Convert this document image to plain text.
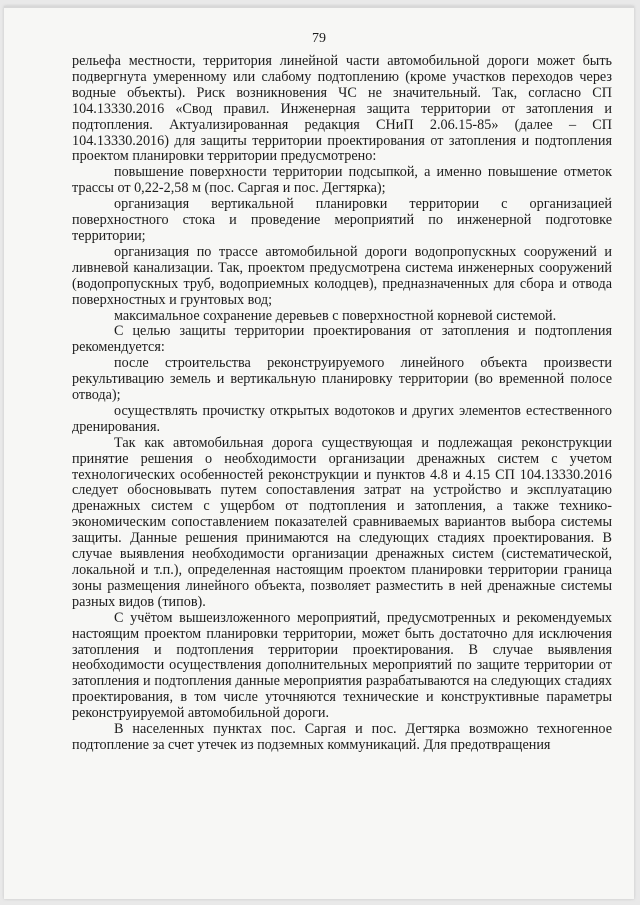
79

рельефа местности, территория линейной части автомобильной дороги может быть подвергнута умеренному или слабому подтоплению (кроме участков переходов через водные объекты). Риск возникновения ЧС не значительный. Так, согласно СП 104.13330.2016 «Свод правил. Инженерная защита территории от затопления и подтопления. Актуализированная редакция СНиП 2.06.15-85» (далее – СП 104.13330.2016) для защиты территории проектирования от затопления и подтопления проектом планировки территории предусмотрено:

повышение поверхности территории подсыпкой, а именно повышение отметок трассы от 0,22-2,58 м (пос. Саргая и пос. Дегтярка);

организация вертикальной планировки территории с организацией поверхностного стока и проведение мероприятий по инженерной подготовке территории;

организация по трассе автомобильной дороги водопропускных сооружений и ливневой канализации. Так, проектом предусмотрена система инженерных сооружений (водопропускных труб, водоприемных колодцев), предназначенных для сбора и отвода поверхностных и грунтовых вод;

максимальное сохранение деревьев с поверхностной корневой системой.

С целью защиты территории проектирования от затопления и подтопления рекомендуется:

после строительства реконструируемого линейного объекта произвести рекультивацию земель и вертикальную планировку территории (во временной полосе отвода);

осуществлять прочистку открытых водотоков и других элементов естественного дренирования.

Так как автомобильная дорога существующая и подлежащая реконструкции принятие решения о необходимости организации дренажных систем с учетом технологических особенностей реконструкции и пунктов 4.8 и 4.15 СП 104.13330.2016 следует обосновывать путем сопоставления затрат на устройство и эксплуатацию дренажных систем с ущербом от подтопления и затопления, а также технико-экономическим сопоставлением показателей сравниваемых вариантов выбора системы защиты. Данные решения принимаются на следующих стадиях проектирования. В случае выявления необходимости организации дренажных систем (систематической, локальной и т.п.), определенная настоящим проектом планировки территории граница зоны размещения линейного объекта, позволяет разместить в ней дренажные системы разных видов (типов).

С учётом вышеизложенного мероприятий, предусмотренных и рекомендуемых настоящим проектом планировки территории, может быть достаточно для исключения затопления и подтопления территории проектирования. В случае выявления необходимости осуществления дополнительных мероприятий по защите территории от затопления и подтопления данные мероприятия разрабатываются на следующих стадиях проектирования, в том числе уточняются технические и конструктивные параметры реконструируемой автомобильной дороги.

В населенных пунктах пос. Саргая и пос. Дегтярка возможно техногенное подтопление за счет утечек из подземных коммуникаций. Для предотвращения
